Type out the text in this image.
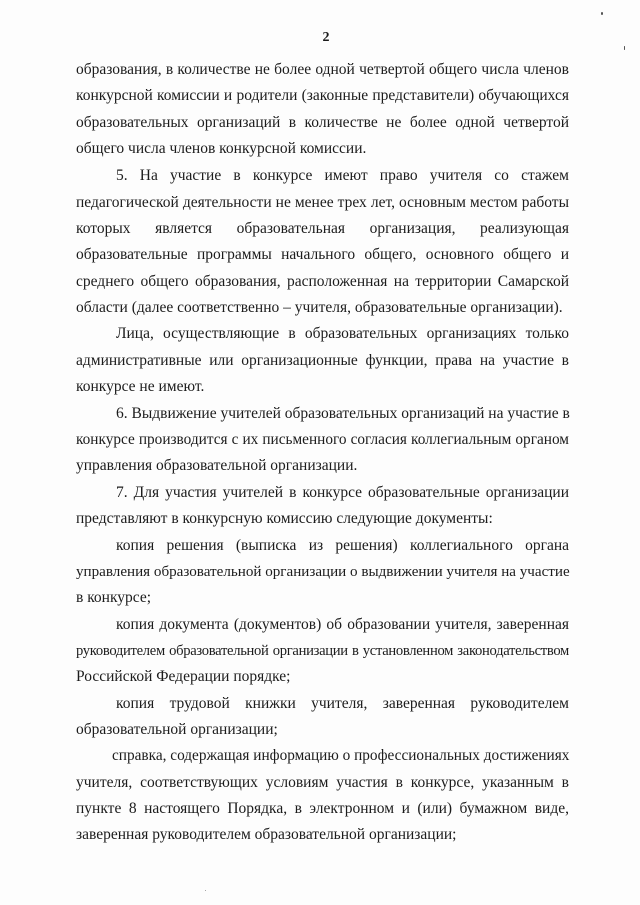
2
образования, в количестве не более одной четвертой общего числа членов
конкурсной комиссии и родители (законные представители) обучающихся
образовательных организаций в количестве не более одной четвертой
общего числа членов конкурсной комиссии.
5. На участие в конкурсе имеют право учителя со стажем
педагогической деятельности не менее трех лет, основным местом работы
которых является образовательная организация, реализующая
образовательные программы начального общего, основного общего и
среднего общего образования, расположенная на территории Самарской
области (далее соответственно – учителя, образовательные организации).
Лица, осуществляющие в образовательных организациях только
административные или организационные функции, права на участие в
конкурсе не имеют.
6. Выдвижение учителей образовательных организаций на участие в
конкурсе производится с их письменного согласия коллегиальным органом
управления образовательной организации.
7. Для участия учителей в конкурсе образовательные организации
представляют в конкурсную комиссию следующие документы:
копия решения (выписка из решения) коллегиального органа
управления образовательной организации о выдвижении учителя на участие
в конкурсе;
копия документа (документов) об образовании учителя, заверенная
руководителем образовательной организации в установленном законодательством
Российской Федерации порядке;
копия трудовой книжки учителя, заверенная руководителем
образовательной организации;
справка, содержащая информацию о профессиональных достижениях
учителя, соответствующих условиям участия в конкурсе, указанным в
пункте 8 настоящего Порядка, в электронном и (или) бумажном виде,
заверенная руководителем образовательной организации;
